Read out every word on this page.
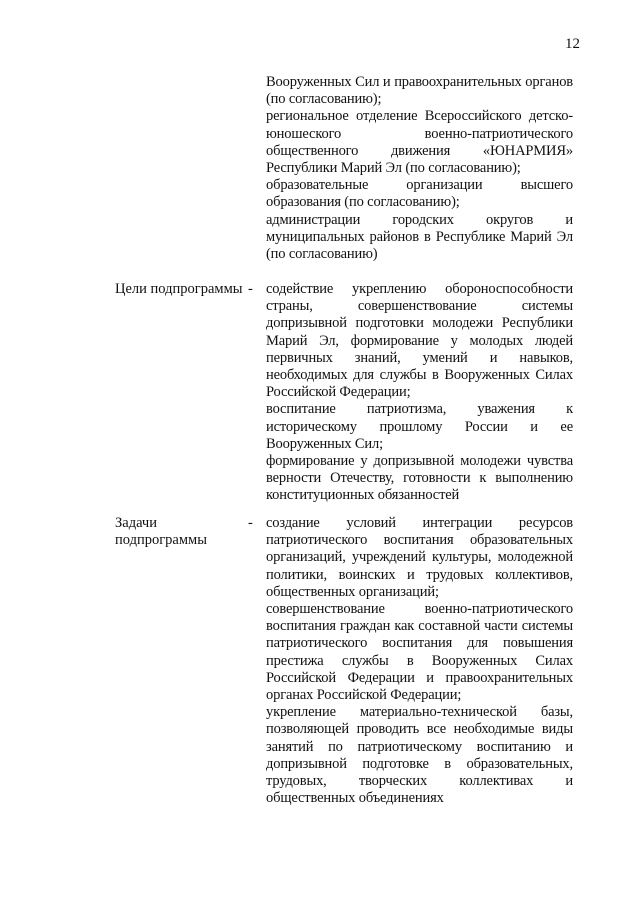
12

Вооруженных Сил и правоохранительных органов (по согласованию);

региональное отделение Всероссийского детско-юношеского военно-патриотического общественного движения «ЮНАРМИЯ» Республики Марий Эл (по согласованию);

образовательные организации высшего образования (по согласованию);

администрации городских округов и муниципальных районов в Республике Марий Эл (по согласованию)

Цели подпрограммы - содействие укреплению обороноспособности страны, совершенствование системы допризывной подготовки молодежи Республики Марий Эл, формирование у молодых людей первичных знаний, умений и навыков, необходимых для службы в Вооруженных Силах Российской Федерации;

воспитание патриотизма, уважения к историческому прошлому России и ее Вооруженных Сил;

формирование у допризывной молодежи чувства верности Отечеству, готовности к выполнению конституционных обязанностей

Задачи подпрограммы
- создание условий интеграции ресурсов патриотического воспитания образовательных организаций, учреждений культуры, молодежной политики, воинских и трудовых коллективов, общественных организаций;

совершенствование военно-патриотического воспитания граждан как составной части системы патриотического воспитания для повышения престижа службы в Вооруженных Силах Российской Федерации и правоохранительных органах Российской Федерации;

укрепление материально-технической базы, позволяющей проводить все необходимые виды занятий по патриотическому воспитанию и допризывной подготовке в образовательных, трудовых, творческих коллективах и общественных объединениях
